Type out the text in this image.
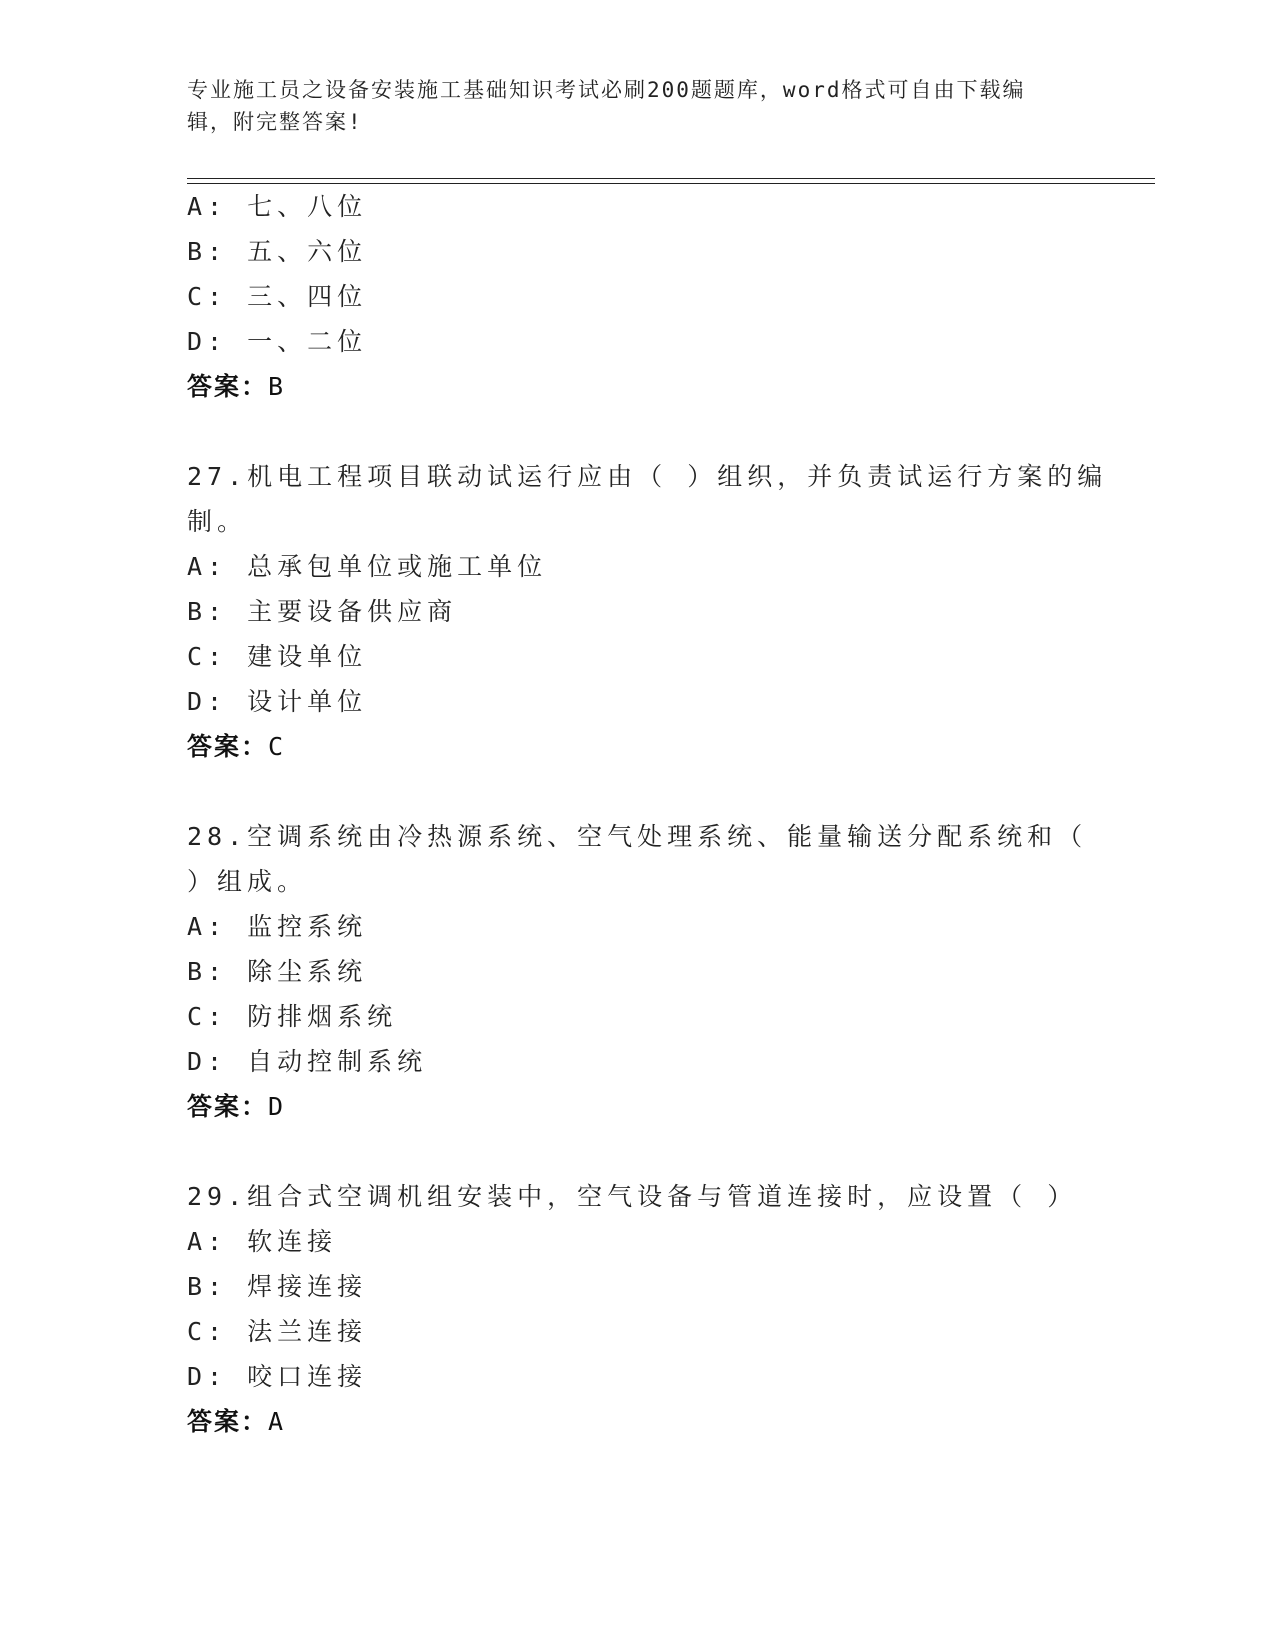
专业施工员之设备安装施工基础知识考试必刷200题题库，word格式可自由下载编辑，附完整答案!
A: 七、八位
B: 五、六位
C: 三、四位
D: 一、二位
答案：B
27.机电工程项目联动试运行应由（ ）组织，并负责试运行方案的编
制。
A: 总承包单位或施工单位
B: 主要设备供应商
C: 建设单位
D: 设计单位
答案：C
28.空调系统由冷热源系统、空气处理系统、能量输送分配系统和（
）组成。
A: 监控系统
B: 除尘系统
C: 防排烟系统
D: 自动控制系统
答案：D
29.组合式空调机组安装中，空气设备与管道连接时，应设置（ ）
A: 软连接
B: 焊接连接
C: 法兰连接
D: 咬口连接
答案：A
